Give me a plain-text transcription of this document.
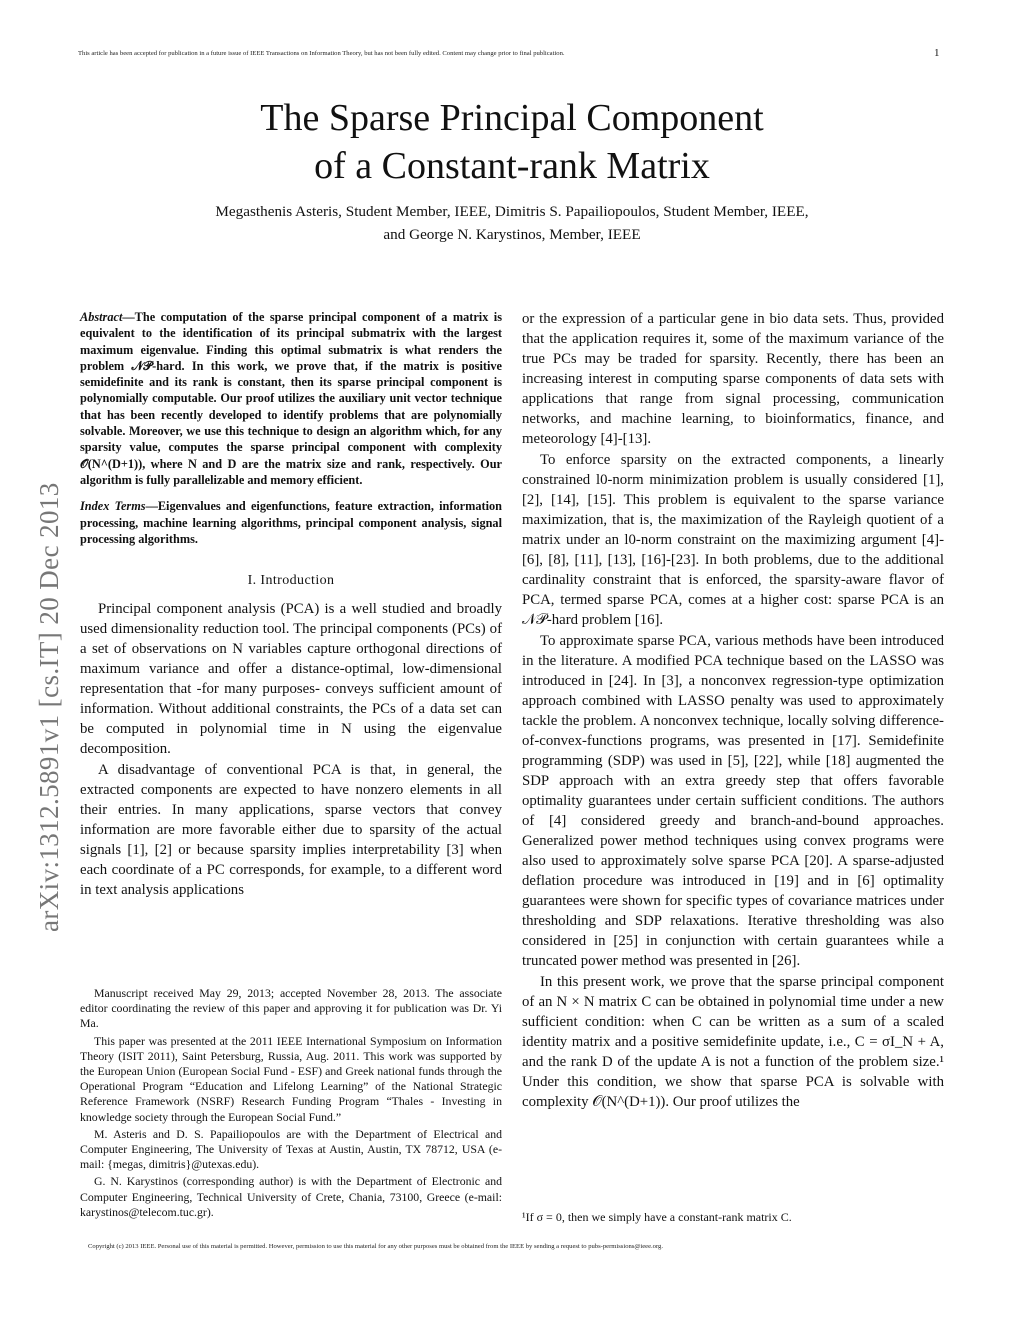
This article has been accepted for publication in a future issue of IEEE Transactions on Information Theory, but has not been fully edited. Content may change prior to final publication.	1
arXiv:1312.5891v1 [cs.IT] 20 Dec 2013
The Sparse Principal Component
of a Constant-rank Matrix
Megasthenis Asteris, Student Member, IEEE, Dimitris S. Papailiopoulos, Student Member, IEEE,
and George N. Karystinos, Member, IEEE

Abstract—The computation of the sparse principal component of a matrix is equivalent to the identification of its principal submatrix with the largest maximum eigenvalue. Finding this optimal submatrix is what renders the problem 𝒩𝒫-hard. In this work, we prove that, if the matrix is positive semidefinite and its rank is constant, then its sparse principal component is polynomially computable. Our proof utilizes the auxiliary unit vector technique that has been recently developed to identify problems that are polynomially solvable. Moreover, we use this technique to design an algorithm which, for any sparsity value, computes the sparse principal component with complexity 𝒪(N^(D+1)), where N and D are the matrix size and rank, respectively. Our algorithm is fully parallelizable and memory efficient.

Index Terms—Eigenvalues and eigenfunctions, feature extraction, information processing, machine learning algorithms, principal component analysis, signal processing algorithms.

I. Introduction

Principal component analysis (PCA) is a well studied and broadly used dimensionality reduction tool. The principal components (PCs) of a set of observations on N variables capture orthogonal directions of maximum variance and offer a distance-optimal, low-dimensional representation that -for many purposes- conveys sufficient amount of information. Without additional constraints, the PCs of a data set can be computed in polynomial time in N using the eigenvalue decomposition.

A disadvantage of conventional PCA is that, in general, the extracted components are expected to have nonzero elements in all their entries. In many applications, sparse vectors that convey information are more favorable either due to sparsity of the actual signals [1], [2] or because sparsity implies interpretability [3] when each coordinate of a PC corresponds, for example, to a different word in text analysis applications

Manuscript received May 29, 2013; accepted November 28, 2013. The associate editor coordinating the review of this paper and approving it for publication was Dr. Yi Ma.

This paper was presented at the 2011 IEEE International Symposium on Information Theory (ISIT 2011), Saint Petersburg, Russia, Aug. 2011. This work was supported by the European Union (European Social Fund - ESF) and Greek national funds through the Operational Program “Education and Lifelong Learning” of the National Strategic Reference Framework (NSRF) Research Funding Program “Thales - Investing in knowledge society through the European Social Fund.”

M. Asteris and D. S. Papailiopoulos are with the Department of Electrical and Computer Engineering, The University of Texas at Austin, Austin, TX 78712, USA (e-mail: {megas, dimitris}@utexas.edu).

G. N. Karystinos (corresponding author) is with the Department of Electronic and Computer Engineering, Technical University of Crete, Chania, 73100, Greece (e-mail: karystinos@telecom.tuc.gr).

or the expression of a particular gene in bio data sets. Thus, provided that the application requires it, some of the maximum variance of the true PCs may be traded for sparsity. Recently, there has been an increasing interest in computing sparse components of data sets with applications that range from signal processing, communication networks, and machine learning, to bioinformatics, finance, and meteorology [4]-[13].

To enforce sparsity on the extracted components, a linearly constrained l0-norm minimization problem is usually considered [1], [2], [14], [15]. This problem is equivalent to the sparse variance maximization, that is, the maximization of the Rayleigh quotient of a matrix under an l0-norm constraint on the maximizing argument [4]-[6], [8], [11], [13], [16]-[23]. In both problems, due to the additional cardinality constraint that is enforced, the sparsity-aware flavor of PCA, termed sparse PCA, comes at a higher cost: sparse PCA is an 𝒩𝒫-hard problem [16].

To approximate sparse PCA, various methods have been introduced in the literature. A modified PCA technique based on the LASSO was introduced in [24]. In [3], a nonconvex regression-type optimization approach combined with LASSO penalty was used to approximately tackle the problem. A nonconvex technique, locally solving difference-of-convex-functions programs, was presented in [17]. Semidefinite programming (SDP) was used in [5], [22], while [18] augmented the SDP approach with an extra greedy step that offers favorable optimality guarantees under certain sufficient conditions. The authors of [4] considered greedy and branch-and-bound approaches. Generalized power method techniques using convex programs were also used to approximately solve sparse PCA [20]. A sparse-adjusted deflation procedure was introduced in [19] and in [6] optimality guarantees were shown for specific types of covariance matrices under thresholding and SDP relaxations. Iterative thresholding was also considered in [25] in conjunction with certain guarantees while a truncated power method was presented in [26].

In this present work, we prove that the sparse principal component of an N × N matrix C can be obtained in polynomial time under a new sufficient condition: when C can be written as a sum of a scaled identity matrix and a positive semidefinite update, i.e., C = σI_N + A, and the rank D of the update A is not a function of the problem size.¹ Under this condition, we show that sparse PCA is solvable with complexity 𝒪(N^(D+1)). Our proof utilizes the

¹If σ = 0, then we simply have a constant-rank matrix C.
Copyright (c) 2013 IEEE. Personal use of this material is permitted. However, permission to use this material for any other purposes must be obtained from the IEEE by sending a request to pubs-permissions@ieee.org.
